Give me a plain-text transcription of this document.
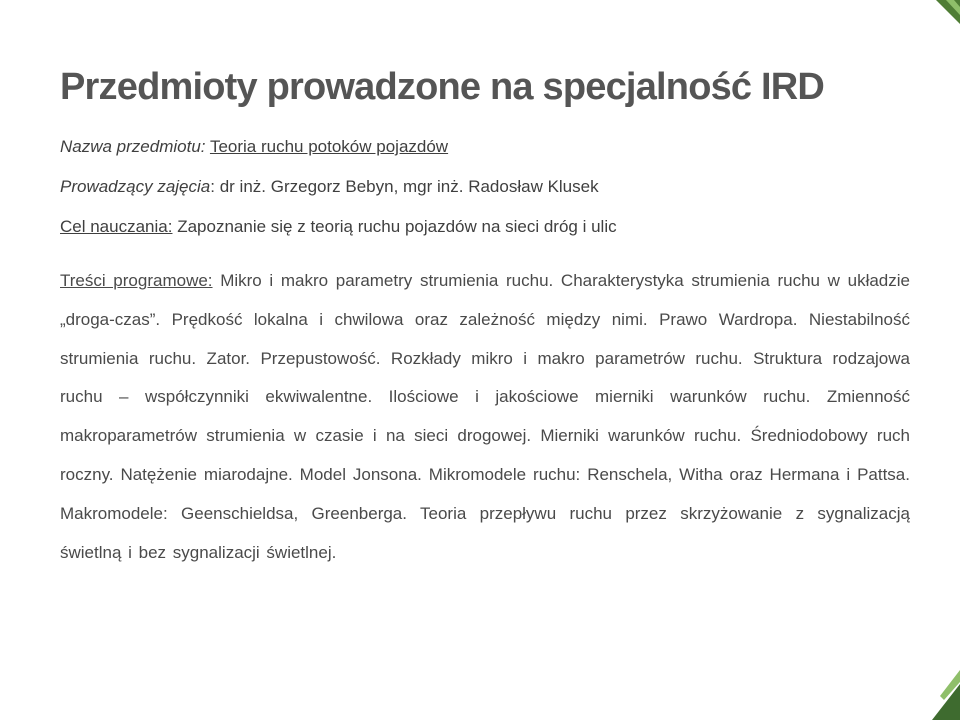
Przedmioty prowadzone na specjalność IRD
Nazwa przedmiotu: Teoria ruchu potoków pojazdów
Prowadzący zajęcia: dr inż. Grzegorz Bebyn, mgr inż. Radosław Klusek
Cel nauczania: Zapoznanie się z teorią ruchu pojazdów na sieci dróg i ulic

Treści programowe: Mikro i makro parametry strumienia ruchu. Charakterystyka strumienia ruchu w układzie „droga-czas”. Prędkość lokalna i chwilowa oraz zależność między nimi. Prawo Wardropa. Niestabilność strumienia ruchu. Zator. Przepustowość. Rozkłady mikro i makro parametrów ruchu. Struktura rodzajowa ruchu – współczynniki ekwiwalentne. Ilościowe i jakościowe mierniki warunków ruchu. Zmienność makroparametrów strumienia w czasie i na sieci drogowej. Mierniki warunków ruchu. Średniodobowy ruch roczny. Natężenie miarodajne. Model Jonsona. Mikromodele ruchu: Renschela, Witha oraz Hermana i Pattsa. Makromodele: Geenschieldsa, Greenberga. Teoria przepływu ruchu przez skrzyżowanie z sygnalizacją świetlną i bez sygnalizacji świetlnej.
